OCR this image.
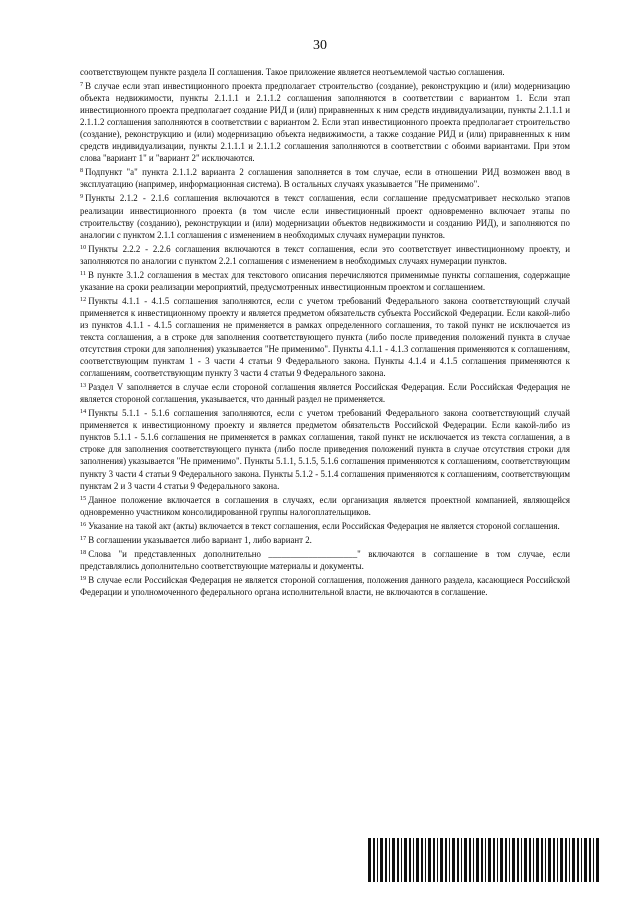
30

соответствующем пункте раздела II соглашения. Такое приложение является неотъемлемой частью соглашения.

$^7$ В случае если этап инвестиционного проекта предполагает строительство (создание), реконструкцию и (или) модернизацию объекта недвижимости, пункты 2.1.1.1 и 2.1.1.2 соглашения заполняются в соответствии с вариантом 1. Если этап инвестиционного проекта предполагает создание РИД и (или) приравненных к ним средств индивидуализации, пункты 2.1.1.1 и 2.1.1.2 соглашения заполняются в соответствии с вариантом 2. Если этап инвестиционного проекта предполагает строительство (создание), реконструкцию и (или) модернизацию объекта недвижимости, а также создание РИД и (или) приравненных к ним средств индивидуализации, пункты 2.1.1.1 и 2.1.1.2 соглашения заполняются в соответствии с обоими вариантами. При этом слова "вариант 1" и "вариант 2" исключаются.

$^8$ Подпункт "а" пункта 2.1.1.2 варианта 2 соглашения заполняется в том случае, если в отношении РИД возможен ввод в эксплуатацию (например, информационная система). В остальных случаях указывается "Не применимо".

$^9$ Пункты 2.1.2 - 2.1.6 соглашения включаются в текст соглашения, если соглашение предусматривает несколько этапов реализации инвестиционного проекта (в том числе если инвестиционный проект одновременно включает этапы по строительству (созданию), реконструкции и (или) модернизации объектов недвижимости и созданию РИД), и заполняются по аналогии с пунктом 2.1.1 соглашения с изменением в необходимых случаях нумерации пунктов.

$^{10}$ Пункты 2.2.2 - 2.2.6 соглашения включаются в текст соглашения, если это соответствует инвестиционному проекту, и заполняются по аналогии с пунктом 2.2.1 соглашения с изменением в необходимых случаях нумерации пунктов.

$^{11}$ В пункте 3.1.2 соглашения в местах для текстового описания перечисляются применимые пункты соглашения, содержащие указание на сроки реализации мероприятий, предусмотренных инвестиционным проектом и соглашением.

$^{12}$ Пункты 4.1.1 - 4.1.5 соглашения заполняются, если с учетом требований Федерального закона соответствующий случай применяется к инвестиционному проекту и является предметом обязательств субъекта Российской Федерации. Если какой-либо из пунктов 4.1.1 - 4.1.5 соглашения не применяется в рамках определенного соглашения, то такой пункт не исключается из текста соглашения, а в строке для заполнения соответствующего пункта (либо после приведения положений пункта в случае отсутствия строки для заполнения) указывается "Не применимо". Пункты 4.1.1 - 4.1.3 соглашения применяются к соглашениям, соответствующим пунктам 1 - 3 части 4 статьи 9 Федерального закона. Пункты 4.1.4 и 4.1.5 соглашения применяются к соглашениям, соответствующим пункту 3 части 4 статьи 9 Федерального закона.

$^{13}$ Раздел V заполняется в случае если стороной соглашения является Российская Федерация. Если Российская Федерация не является стороной соглашения, указывается, что данный раздел не применяется.

$^{14}$ Пункты 5.1.1 - 5.1.6 соглашения заполняются, если с учетом требований Федерального закона соответствующий случай применяется к инвестиционному проекту и является предметом обязательств Российской Федерации. Если какой-либо из пунктов 5.1.1 - 5.1.6 соглашения не применяется в рамках соглашения, такой пункт не исключается из текста соглашения, а в строке для заполнения соответствующего пункта (либо после приведения положений пункта в случае отсутствия строки для заполнения) указывается "Не применимо". Пункты 5.1.1, 5.1.5, 5.1.6 соглашения применяются к соглашениям, соответствующим пункту 3 части 4 статьи 9 Федерального закона. Пункты 5.1.2 - 5.1.4 соглашения применяются к соглашениям, соответствующим пунктам 2 и 3 части 4 статьи 9 Федерального закона.

$^{15}$ Данное положение включается в соглашения в случаях, если организация является проектной компанией, являющейся одновременно участником консолидированной группы налогоплательщиков.

$^{16}$ Указание на такой акт (акты) включается в текст соглашения, если Российская Федерация не является стороной соглашения.

$^{17}$ В соглашении указывается либо вариант 1, либо вариант 2.

$^{18}$ Слова "и представленных дополнительно ____________________" включаются в соглашение в том случае, если представлялись дополнительно соответствующие материалы и документы.

$^{19}$ В случае если Российская Федерация не является стороной соглашения, положения данного раздела, касающиеся Российской Федерации и уполномоченного федерального органа исполнительной власти, не включаются в соглашение.
